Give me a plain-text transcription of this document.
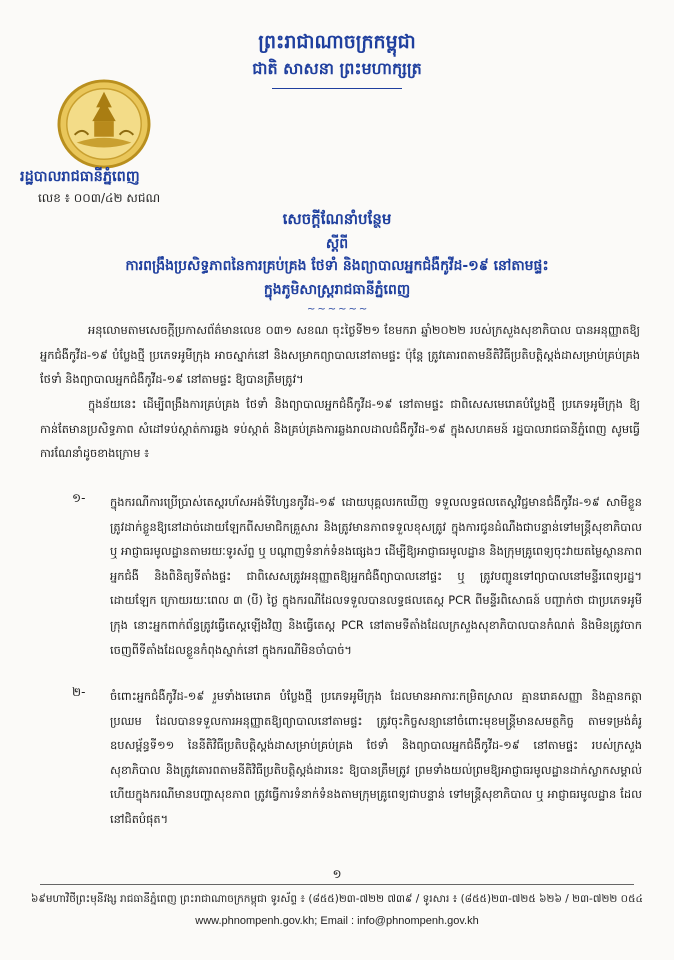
ព្រះរាជាណាចក្រកម្ពុជា
ជាតិ សាសនា ព្រះមហាក្សត្រ
រដ្ឋបាលរាជធានីភ្នំពេញ
លេខ ៖ ០០៣/៤២ សជណ
សេចក្តីណែនាំបន្ថែម
ស្តីពី
ការពង្រឹងប្រសិទ្ធភាពនៃការគ្រប់គ្រង ថែទាំ និងព្យាបាលអ្នកជំងឺកូវីដ-១៩ នៅតាមផ្ទះ
ក្នុងភូមិសាស្ត្ររាជធានីភ្នំពេញ
~~~~~~
អនុលោមតាមសេចក្តីប្រកាសព័ត៌មានលេខ ០៣១ សខណ ចុះថ្ងៃទី២១ ខែមករា ឆ្នាំ២០២២ របស់ក្រសួងសុខាភិបាល បានអនុញ្ញាតឱ្យអ្នកជំងឺកូវីដ-១៩ បំប្លែងថ្មី ប្រភេទអូមីក្រុង អាចស្នាក់នៅ និងសម្រាកព្យាបាលនៅតាមផ្ទះ ប៉ុន្តែ ត្រូវគោរពតាមនីតិវិធីប្រតិបត្តិស្តង់ដាសម្រាប់គ្រប់គ្រង ថែទាំ និងព្យាបាលអ្នកជំងឺកូវីដ-១៩ នៅតាមផ្ទះ ឱ្យបានត្រឹមត្រូវ។
ក្នុងន័យនេះ ដើម្បីពង្រឹងការគ្រប់គ្រង ថែទាំ និងព្យាបាលអ្នកជំងឺកូវីដ-១៩ នៅតាមផ្ទះ ជាពិសេសមេរោគបំប្លែងថ្មី ប្រភេទអូមីក្រុង ឱ្យកាន់តែមានប្រសិទ្ធភាព សំដៅទប់ស្កាត់ការឆ្លង ទប់ស្កាត់ និងគ្រប់គ្រងការឆ្លងរាលដាលជំងឺកូវីដ-១៩ ក្នុងសហគមន៍ រដ្ឋបាលរាជធានីភ្នំពេញ សូមធ្វើការណែនាំដូចខាងក្រោម ៖
១- ក្នុងករណីការប្រើប្រាស់តេស្តរហ័សអង់ទីហ្សែនកូវីដ-១៩ ដោយបុគ្គលរកឃើញ ទទួលលទ្ធផលតេស្តវិជ្ជមានជំងឺកូវីដ-១៩ សាមីខ្លួនត្រូវដាក់ខ្លួនឱ្យនៅដាច់ដោយឡែកពីសមាជិកគ្រួសារ និងត្រូវមានភាពទទួលខុសត្រូវ ក្នុងការជូនដំណឹងជាបន្ទាន់ទៅមន្ត្រីសុខាភិបាល ឬ អាជ្ញាធរមូលដ្ឋានតាមរយៈទូរស័ព្ទ ឬ បណ្តាញទំនាក់ទំនងផ្សេងៗ ដើម្បីឱ្យអាជ្ញាធរមូលដ្ឋាន និងក្រុមគ្រូពេទ្យចុះវាយតម្លៃស្ថានភាពអ្នកជំងឺ និងពិនិត្យទីតាំងផ្ទះ ជាពិសេសត្រូវអនុញ្ញាតឱ្យអ្នកជំងឺព្យាបាលនៅផ្ទះ ឬ ត្រូវបញ្ជូនទៅព្យាបាលនៅមន្ទីរពេទ្យរដ្ឋ។ ដោយឡែក ក្រោយរយៈពេល ៣ (បី) ថ្ងៃ ក្នុងករណីដែលទទួលបានលទ្ធផលតេស្ត PCR ពីមន្ទីរពិសោធន៍ បញ្ជាក់ថា ជាប្រភេទអូមីក្រុង នោះអ្នកពាក់ព័ន្ធត្រូវធ្វើតេស្តឡើងវិញ និងធ្វើតេស្ត PCR នៅតាមទីតាំងដែលក្រសួងសុខាភិបាលបានកំណត់ និងមិនត្រូវចាកចេញពីទីតាំងដែលខ្លួនកំពុងស្នាក់នៅ ក្នុងករណីមិនចាំបាច់។
២- ចំពោះអ្នកជំងឺកូវីដ-១៩ រួមទាំងមេរោគ បំប្លែងថ្មី ប្រភេទអូមីក្រុង ដែលមានអាការៈកម្រិតស្រាល គ្មានរោគសញ្ញា និងគ្មានកត្តាប្រឈម ដែលបានទទួលការអនុញ្ញាតឱ្យព្យាបាលនៅតាមផ្ទះ ត្រូវចុះកិច្ចសន្យានៅចំពោះមុខមន្ត្រីមានសមត្ថកិច្ច តាមទម្រង់គំរូឧបសម្ព័ន្ធទី១១ នៃនីតិវិធីប្រតិបត្តិស្តង់ដាសម្រាប់គ្រប់គ្រង ថែទាំ និងព្យាបាលអ្នកជំងឺកូវីដ-១៩ នៅតាមផ្ទះ របស់ក្រសួងសុខាភិបាល និងត្រូវគោរពតាមនីតិវិធីប្រតិបត្តិស្តង់ដារនេះ ឱ្យបានត្រឹមត្រូវ ព្រមទាំងយល់ព្រមឱ្យអាជ្ញាធរមូលដ្ឋានដាក់ស្លាកសម្គាល់ ហើយក្នុងករណីមានបញ្ហាសុខភាព ត្រូវធ្វើការទំនាក់ទំនងតាមក្រុមគ្រូពេទ្យជាបន្ទាន់ ទៅមន្ត្រីសុខាភិបាល ឬ អាជ្ញាធរមូលដ្ឋាន ដែលនៅជិតបំផុត។
១
៦៩មហាវិថីព្រះមុនីវង្ស រាជធានីភ្នំពេញ ព្រះរាជាណាចក្រកម្ពុជា ទូរស័ព្ទ ៖ (៨៥៥)២៣-៧២២ ៧៣៩ / ទូរសារ ៖ (៨៥៥)២៣-៧២៥ ៦២៦ / ២៣-៧២២ ០៥៤
www.phnompenh.gov.kh; Email : info@phnompenh.gov.kh
